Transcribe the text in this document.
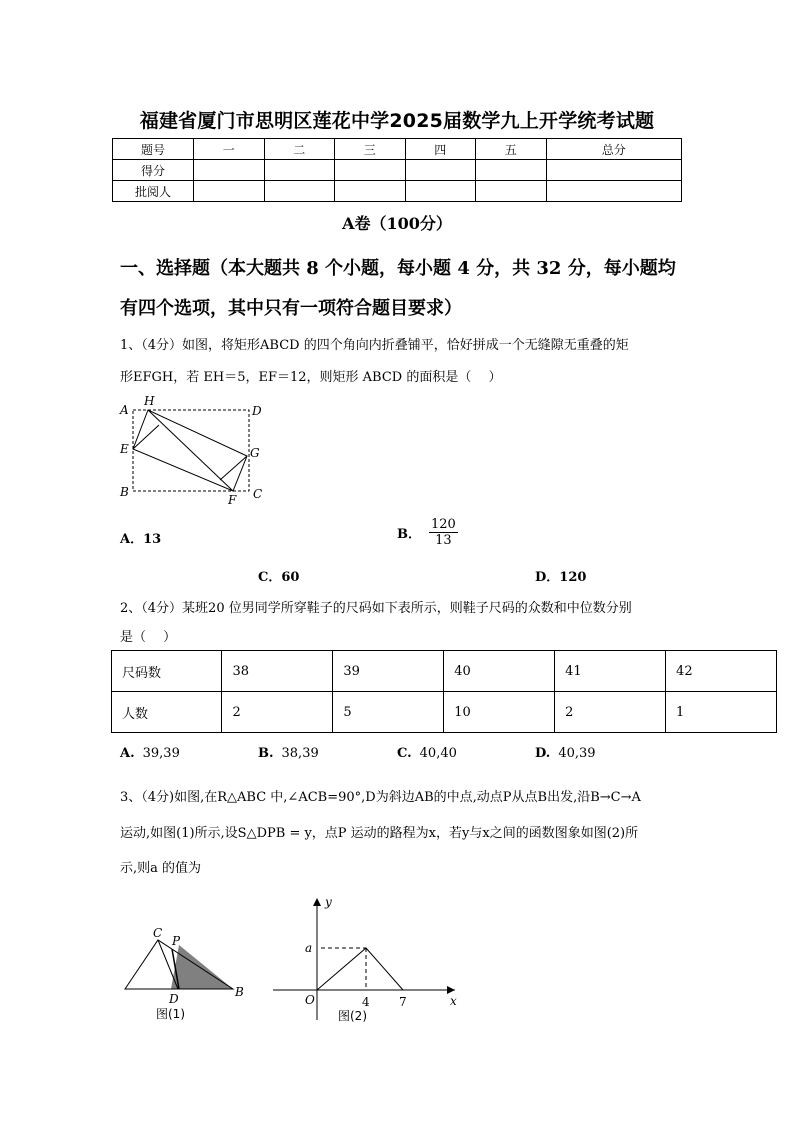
福建省厦门市思明区莲花中学2025届数学九上开学统考试题
题号	一	二	三	四	五	总分
得分						
批阅人						
A卷（100分）
一、选择题（本大题共 8 个小题，每小题 4 分，共 32 分，每小题均
有四个选项，其中只有一项符合题目要求）
1、（4分）如图，将矩形ABCD 的四个角向内折叠铺平，恰好拼成一个无缝隙无重叠的矩
形EFGH，若 EH＝5，EF＝12，则矩形 ABCD 的面积是（　 ）
A
H
D
E	G
B
F C
A．13	B． $\frac{120}{13}$
C．60	D．120
2、（4分）某班20 位男同学所穿鞋子的尺码如下表所示，则鞋子尺码的众数和中位数分别
是（　 ）
尺码数	38	39	40	41	42
人数	2	5	10	2	1
A. 39,39	B. 38,39	C. 40,40	D. 40,39
3、（4分)如图,在R△ABC 中,∠ACB=90°,D为斜边AB的中点,动点P从点B出发,沿B→C→A
运动,如图(1)所示,设S△DPB = y，点P 运动的路程为x，若y与x之间的函数图象如图(2)所
示,则a 的值为
C
P
D	B
图(1)
y
x
O
a
4 7
图(2)
